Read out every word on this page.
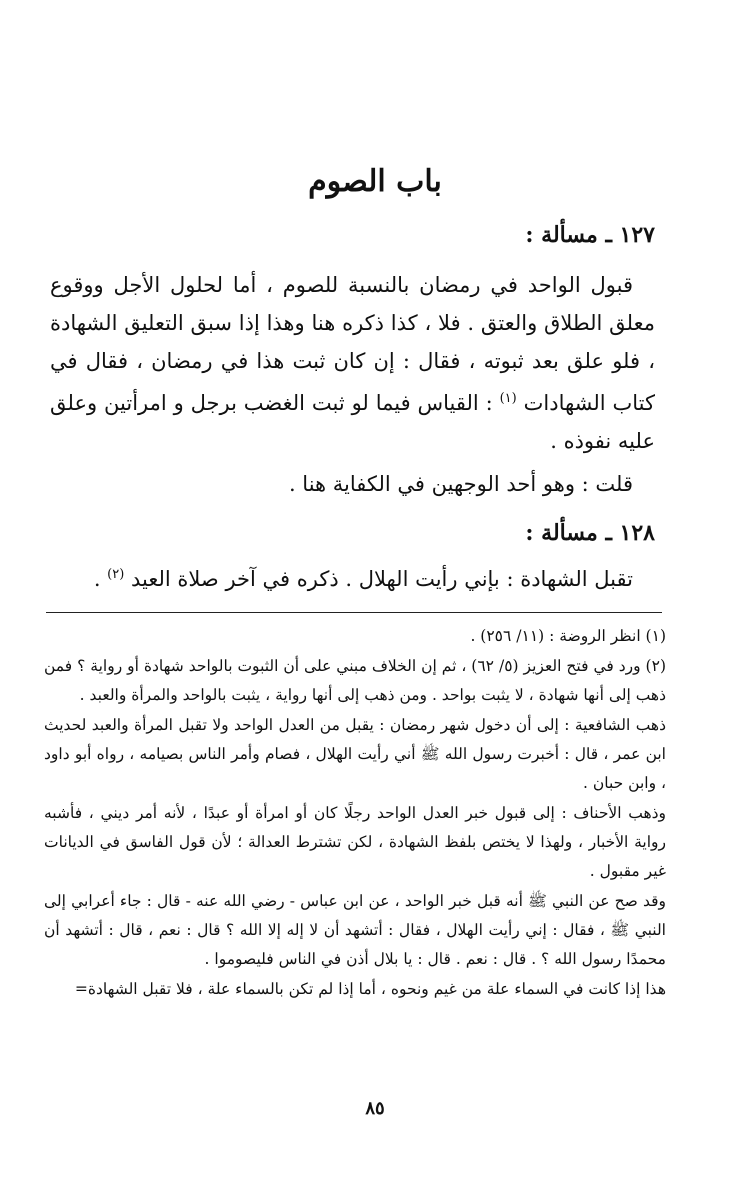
باب الصوم
١٢٧ ـ مسألة :

قبول الواحد في رمضان بالنسبة للصوم ، أما لحلول الأجل ووقوع معلق الطلاق والعتق . فلا ، كذا ذكره هنا وهذا إذا سبق التعليق الشهادة ، فلو علق بعد ثبوته ، فقال : إن كان ثبت هذا في رمضان ، فقال في كتاب الشهادات $^{(١)}$ : القياس فيما لو ثبت الغضب برجل و امرأتين وعلق عليه نفوذه .

قلت : وهو أحد الوجهين في الكفاية هنا .

١٢٨ ـ مسألة :

تقبل الشهادة : بإني رأيت الهلال . ذكره في آخر صلاة العيد $^{(٢)}$ .

(١) انظر الروضة : (١١/ ٢٥٦) .

(٢) ورد في فتح العزيز (٥/ ٦٢) ، ثم إن الخلاف مبني على أن الثبوت بالواحد شهادة أو رواية ؟ فمن ذهب إلى أنها شهادة ، لا يثبت بواحد . ومن ذهب إلى أنها رواية ، يثبت بالواحد والمرأة والعبد .

ذهب الشافعية : إلى أن دخول شهر رمضان : يقبل من العدل الواحد ولا تقبل المرأة والعبد لحديث ابن عمر ، قال : أخبرت رسول الله ﷺ أني رأيت الهلال ، فصام وأمر الناس بصيامه ، رواه أبو داود ، وابن حبان .

وذهب الأحناف : إلى قبول خبر العدل الواحد رجلًا كان أو امرأة أو عبدًا ، لأنه أمر ديني ، فأشبه رواية الأخبار ، ولهذا لا يختص بلفظ الشهادة ، لكن تشترط العدالة ؛ لأن قول الفاسق في الديانات غير مقبول .

وقد صح عن النبي ﷺ أنه قبل خبر الواحد ، عن ابن عباس - رضي الله عنه - قال : جاء أعرابي إلى النبي ﷺ ، فقال : إني رأيت الهلال ، فقال : أتشهد أن لا إله إلا الله ؟ قال : نعم ، قال : أتشهد أن محمدًا رسول الله ؟ . قال : نعم . قال : يا بلال أذن في الناس فليصوموا .

هذا إذا كانت في السماء علة من غيم ونحوه ، أما إذا لم تكن بالسماء علة ، فلا تقبل الشهادة=

٨٥
